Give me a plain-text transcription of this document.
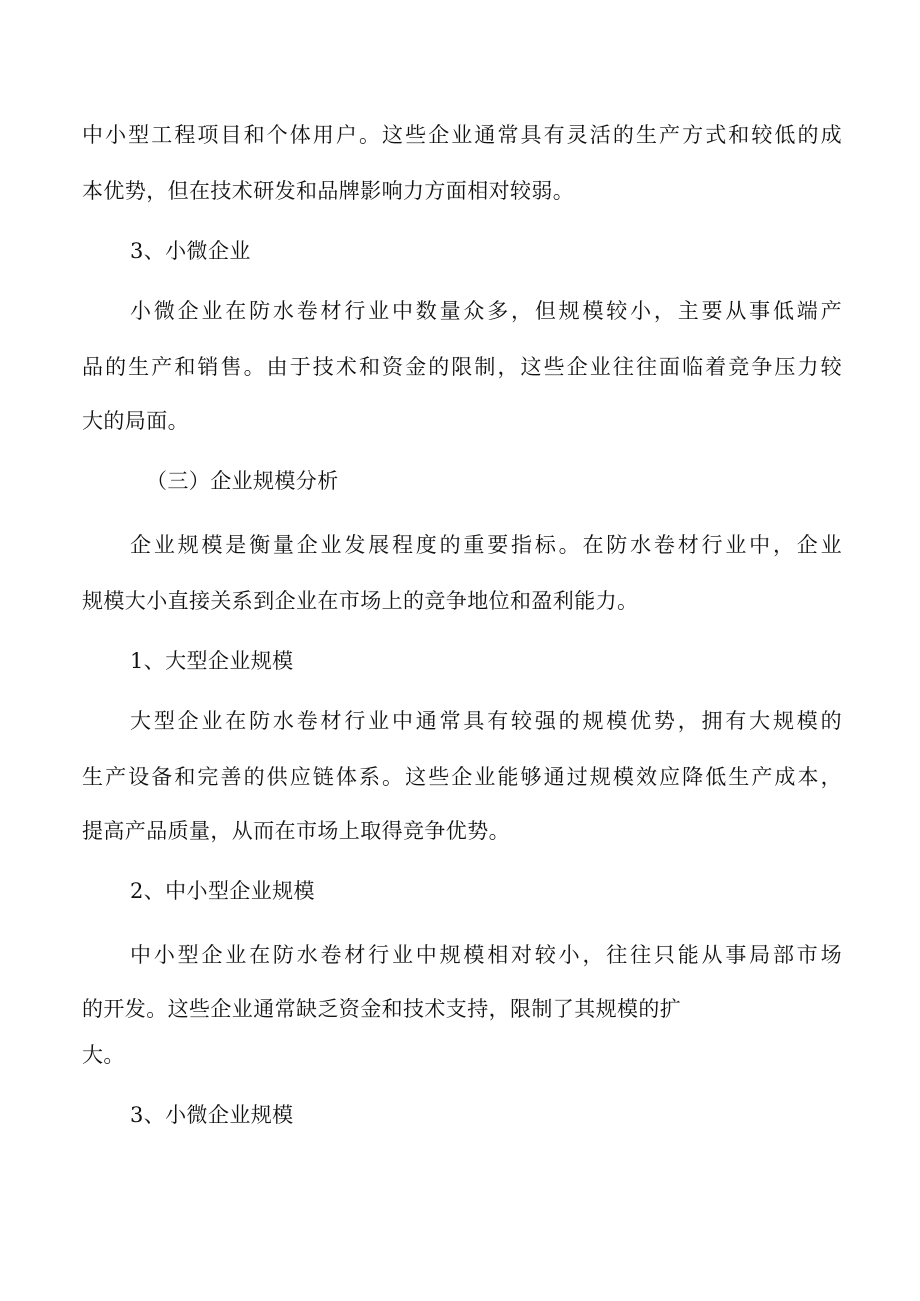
中小型工程项目和个体用户。这些企业通常具有灵活的生产方式和较低的成
本优势，但在技术研发和品牌影响力方面相对较弱。
3、小微企业
小微企业在防水卷材行业中数量众多，但规模较小，主要从事低端产
品的生产和销售。由于技术和资金的限制，这些企业往往面临着竞争压力较
大的局面。
（三）企业规模分析
企业规模是衡量企业发展程度的重要指标。在防水卷材行业中，企业
规模大小直接关系到企业在市场上的竞争地位和盈利能力。
1、大型企业规模
大型企业在防水卷材行业中通常具有较强的规模优势，拥有大规模的
生产设备和完善的供应链体系。这些企业能够通过规模效应降低生产成本，
提高产品质量，从而在市场上取得竞争优势。
2、中小型企业规模
中小型企业在防水卷材行业中规模相对较小，往往只能从事局部市场
的开发。这些企业通常缺乏资金和技术支持，限制了其规模的扩
大。
3、小微企业规模
